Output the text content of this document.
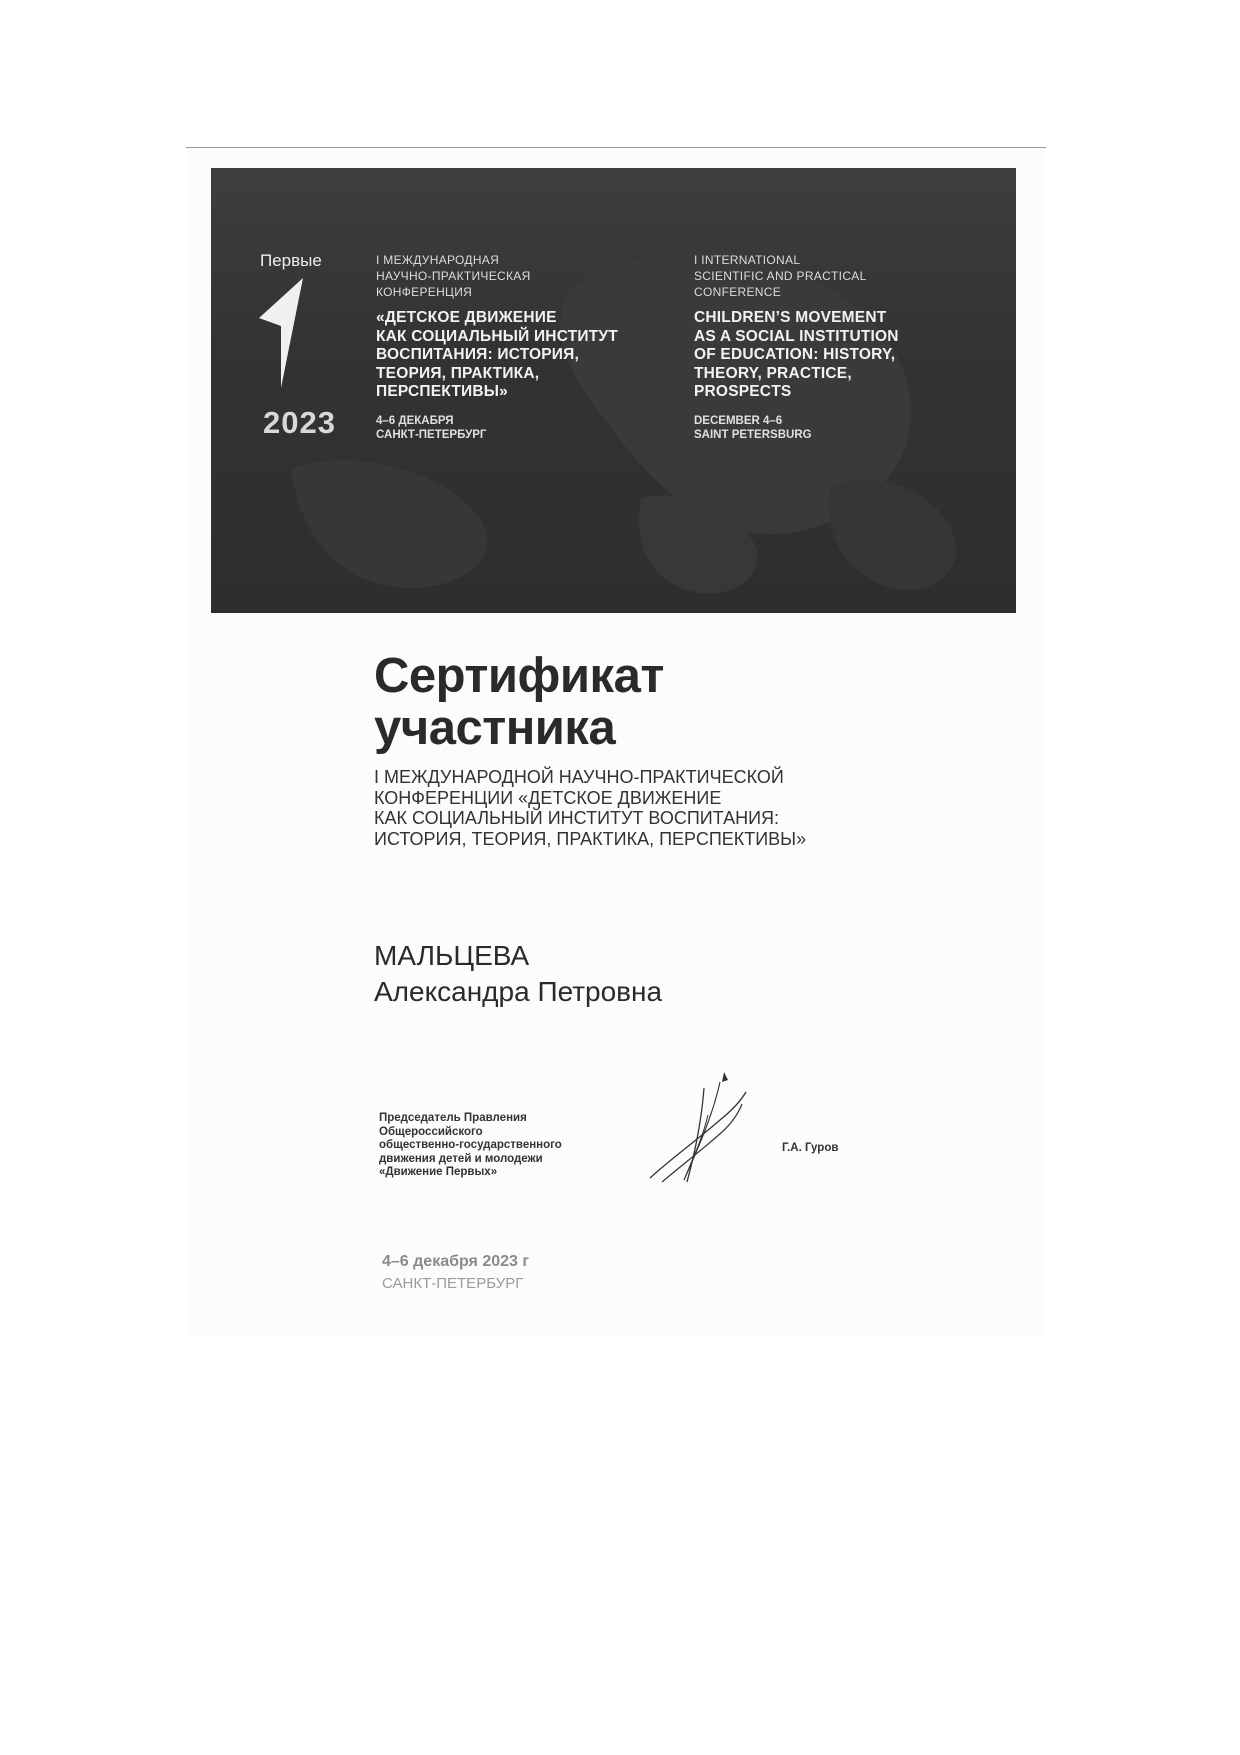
Первые
2023
I МЕЖДУНАРОДНАЯ
НАУЧНО-ПРАКТИЧЕСКАЯ
КОНФЕРЕНЦИЯ
«ДЕТСКОЕ ДВИЖЕНИЕ
КАК СОЦИАЛЬНЫЙ ИНСТИТУТ
ВОСПИТАНИЯ: ИСТОРИЯ,
ТЕОРИЯ, ПРАКТИКА,
ПЕРСПЕКТИВЫ»
4–6 ДЕКАБРЯ
САНКТ-ПЕТЕРБУРГ
I INTERNATIONAL
SCIENTIFIC AND PRACTICAL
CONFERENCE
CHILDREN’S MOVEMENT
AS A SOCIAL INSTITUTION
OF EDUCATION: HISTORY,
THEORY, PRACTICE,
PROSPECTS
DECEMBER 4–6
SAINT PETERSBURG
Сертификат
участника
I МЕЖДУНАРОДНОЙ НАУЧНО-ПРАКТИЧЕСКОЙ
КОНФЕРЕНЦИИ «ДЕТСКОЕ ДВИЖЕНИЕ
КАК СОЦИАЛЬНЫЙ ИНСТИТУТ ВОСПИТАНИЯ:
ИСТОРИЯ, ТЕОРИЯ, ПРАКТИКА, ПЕРСПЕКТИВЫ»
МАЛЬЦЕВА
Александра Петровна
Председатель Правления
Общероссийского
общественно-государственного
движения детей и молодежи
«Движение Первых»
Г.А. Гуров
4–6 декабря 2023 г
САНКТ-ПЕТЕРБУРГ
